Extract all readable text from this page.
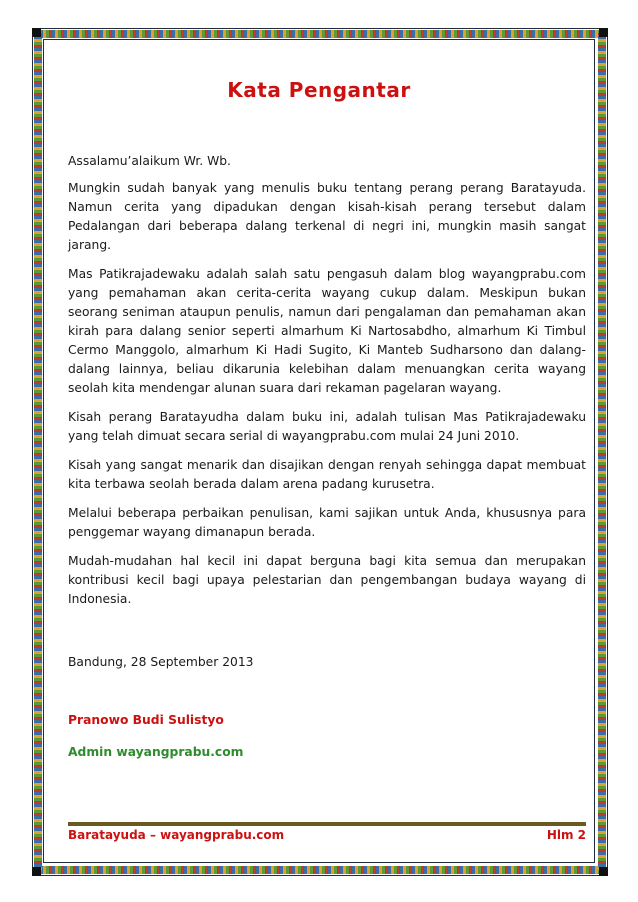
Kata Pengantar

Assalamu’alaikum Wr. Wb.

Mungkin sudah banyak yang menulis buku tentang perang perang Baratayuda. Namun cerita yang dipadukan dengan kisah-kisah perang tersebut dalam Pedalangan dari beberapa dalang terkenal di negri ini, mungkin masih sangat jarang.

Mas Patikrajadewaku adalah salah satu pengasuh dalam blog wayangprabu.com yang pemahaman akan cerita-cerita wayang cukup dalam. Meskipun bukan seorang seniman ataupun penulis, namun dari pengalaman dan pemahaman akan kirah para dalang senior seperti almarhum Ki Nartosabdho, almarhum Ki Timbul Cermo Manggolo, almarhum Ki Hadi Sugito, Ki Manteb Sudharsono dan dalang-dalang lainnya, beliau dikarunia kelebihan dalam menuangkan cerita wayang seolah kita mendengar alunan suara dari rekaman pagelaran wayang.

Kisah perang Baratayudha dalam buku ini, adalah tulisan Mas Patikrajadewaku yang telah dimuat secara serial di wayangprabu.com mulai 24 Juni 2010.

Kisah yang sangat menarik dan disajikan dengan renyah sehingga dapat membuat kita terbawa seolah berada dalam arena padang kurusetra.

Melalui beberapa perbaikan penulisan, kami sajikan untuk Anda, khususnya para penggemar wayang dimanapun berada.

Mudah-mudahan hal kecil ini dapat berguna bagi kita semua dan merupakan kontribusi kecil bagi upaya pelestarian dan pengembangan budaya wayang di Indonesia.

Bandung, 28 September 2013
Pranowo Budi Sulistyo
Admin wayangprabu.com
Baratayuda – wayangprabu.com	Hlm 2
